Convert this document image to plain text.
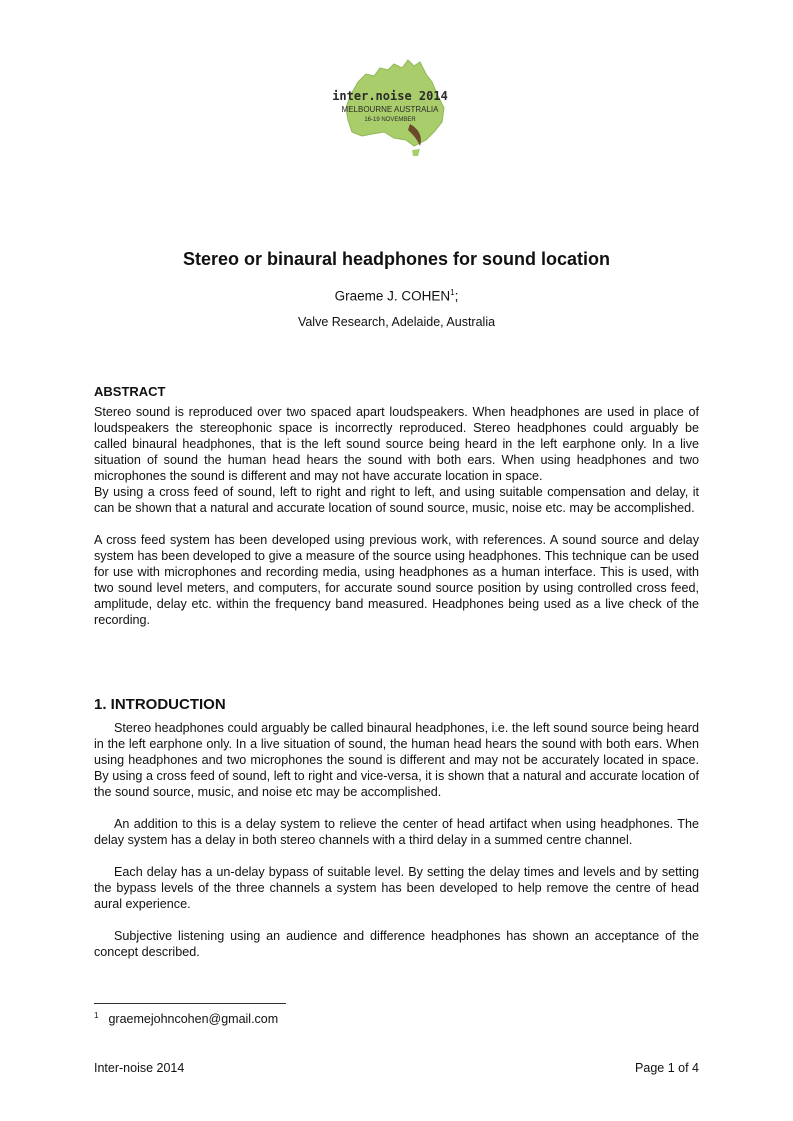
inter.noise 2014
MELBOURNE AUSTRALIA
16-19 NOVEMBER
Stereo or binaural headphones for sound location
Graeme J. COHEN$^1$;
Valve Research, Adelaide, Australia
ABSTRACT

Stereo sound is reproduced over two spaced apart loudspeakers. When headphones are used in place of loudspeakers the stereophonic space is incorrectly reproduced. Stereo headphones could arguably be called binaural headphones, that is the left sound source being heard in the left earphone only. In a live situation of sound the human head hears the sound with both ears. When using headphones and two microphones the sound is different and may not have accurate location in space.

By using a cross feed of sound, left to right and right to left, and using suitable compensation and delay, it can be shown that a natural and accurate location of sound source, music, noise etc. may be accomplished.

A cross feed system has been developed using previous work, with references. A sound source and delay system has been developed to give a measure of the source using headphones. This technique can be used for use with microphones and recording media, using headphones as a human interface. This is used, with two sound level meters, and computers, for accurate sound source position by using controlled cross feed, amplitude, delay etc. within the frequency band measured. Headphones being used as a live check of the recording.

1. INTRODUCTION

Stereo headphones could arguably be called binaural headphones, i.e. the left sound source being heard in the left earphone only. In a live situation of sound, the human head hears the sound with both ears. When using headphones and two microphones the sound is different and may not be accurately located in space. By using a cross feed of sound, left to right and vice-versa, it is shown that a natural and accurate location of the sound source, music, and noise etc may be accomplished.

An addition to this is a delay system to relieve the center of head artifact when using headphones. The delay system has a delay in both stereo channels with a third delay in a summed centre channel.

Each delay has a un-delay bypass of suitable level. By setting the delay times and levels and by setting the bypass levels of the three channels a system has been developed to help remove the centre of head aural experience.

Subjective listening using an audience and difference headphones has shown an acceptance of the concept described.

$^1$ graemejohncohen@gmail.com
Inter-noise 2014	Page 1 of 4
